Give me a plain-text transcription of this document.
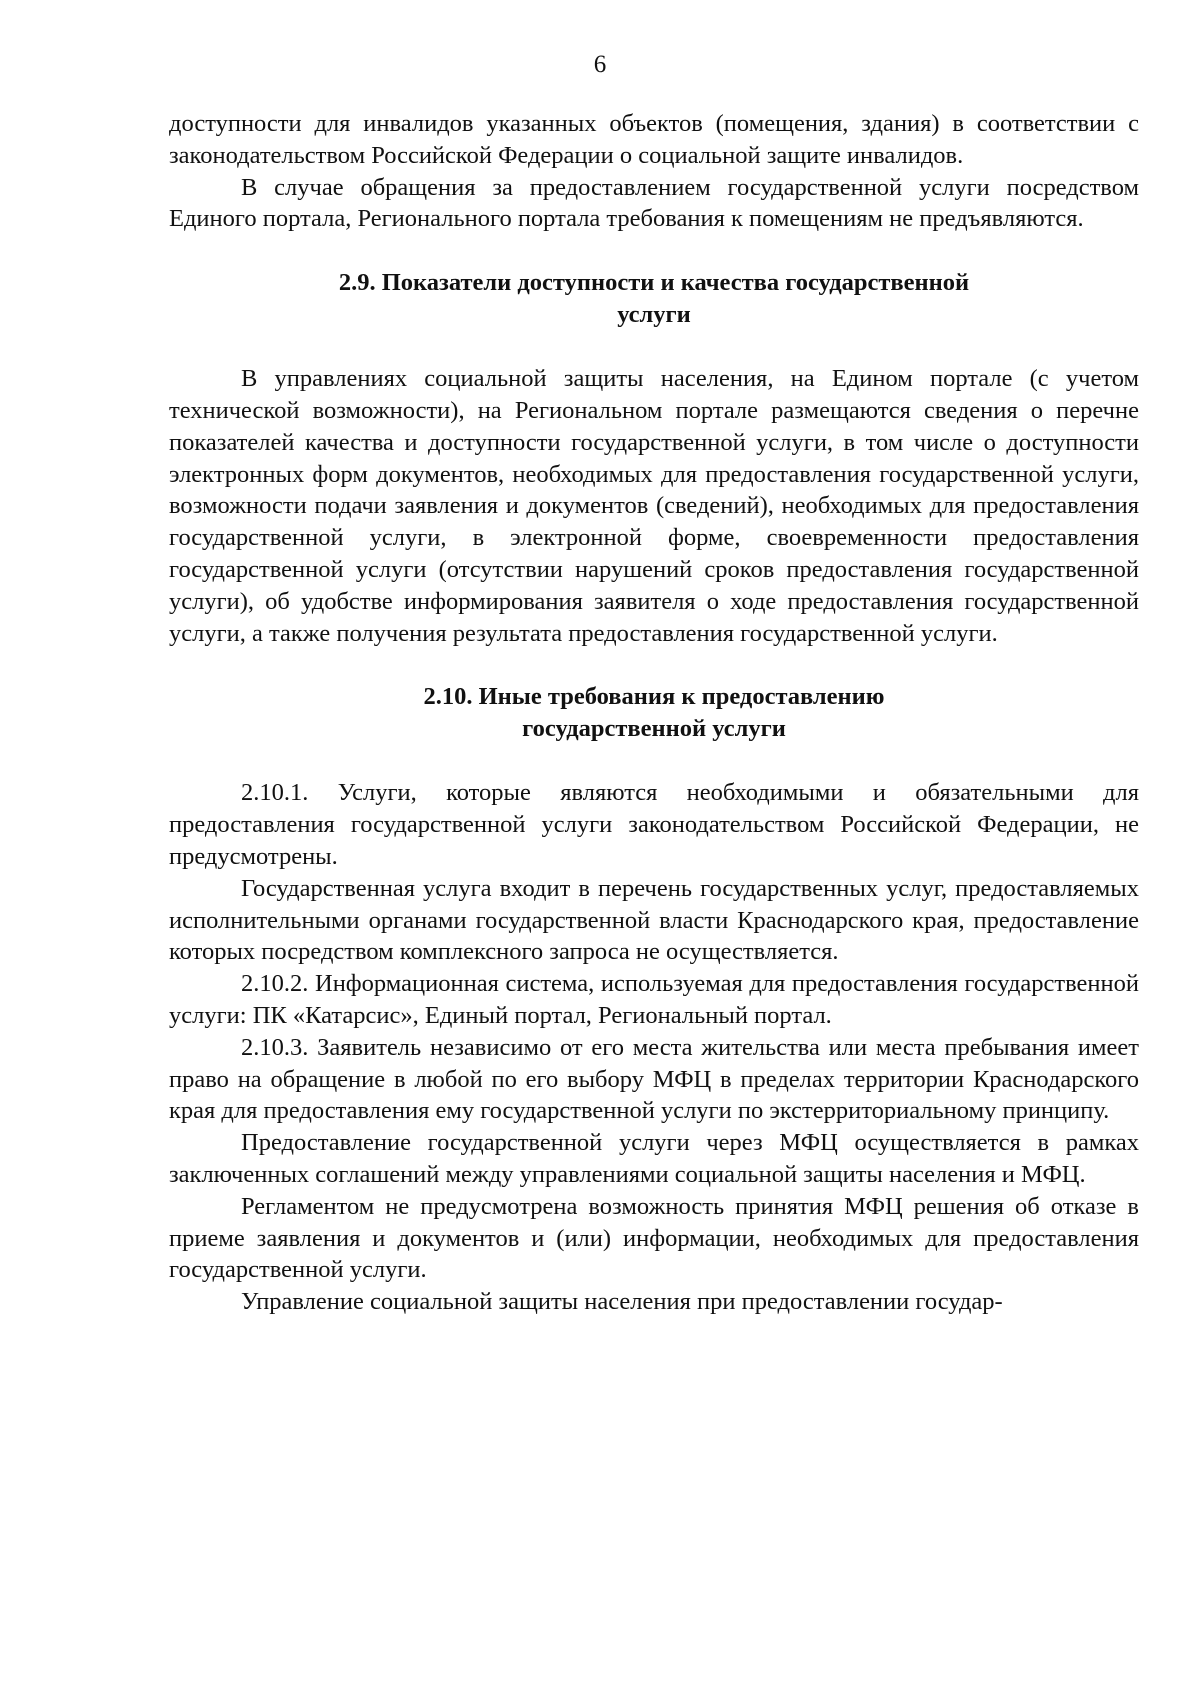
6

доступности для инвалидов указанных объектов (помещения, здания) в соответствии с законодательством Российской Федерации о социальной защите инвалидов.

В случае обращения за предоставлением государственной услуги посредством Единого портала, Регионального портала требования к помещениям не предъявляются.

2.9. Показатели доступности и качества государственной
услуги

В управлениях социальной защиты населения, на Едином портале (с учетом технической возможности), на Региональном портале размещаются сведения о перечне показателей качества и доступности государственной услуги, в том числе о доступности электронных форм документов, необходимых для предоставления государственной услуги, возможности подачи заявления и документов (сведений), необходимых для предоставления государственной услуги, в электронной форме, своевременности предоставления государственной услуги (отсутствии нарушений сроков предоставления государственной услуги), об удобстве информирования заявителя о ходе предоставления государственной услуги, а также получения результата предоставления государственной услуги.

2.10. Иные требования к предоставлению
государственной услуги

2.10.1. Услуги, которые являются необходимыми и обязательными для предоставления государственной услуги законодательством Российской Федерации, не предусмотрены.

Государственная услуга входит в перечень государственных услуг, предоставляемых исполнительными органами государственной власти Краснодарского края, предоставление которых посредством комплексного запроса не осуществляется.

2.10.2. Информационная система, используемая для предоставления государственной услуги: ПК «Катарсис», Единый портал, Региональный портал.

2.10.3. Заявитель независимо от его места жительства или места пребывания имеет право на обращение в любой по его выбору МФЦ в пределах территории Краснодарского края для предоставления ему государственной услуги по экстерриториальному принципу.

Предоставление государственной услуги через МФЦ осуществляется в рамках заключенных соглашений между управлениями социальной защиты населения и МФЦ.

Регламентом не предусмотрена возможность принятия МФЦ решения об отказе в приеме заявления и документов и (или) информации, необходимых для предоставления государственной услуги.

Управление социальной защиты населения при предоставлении государ-
